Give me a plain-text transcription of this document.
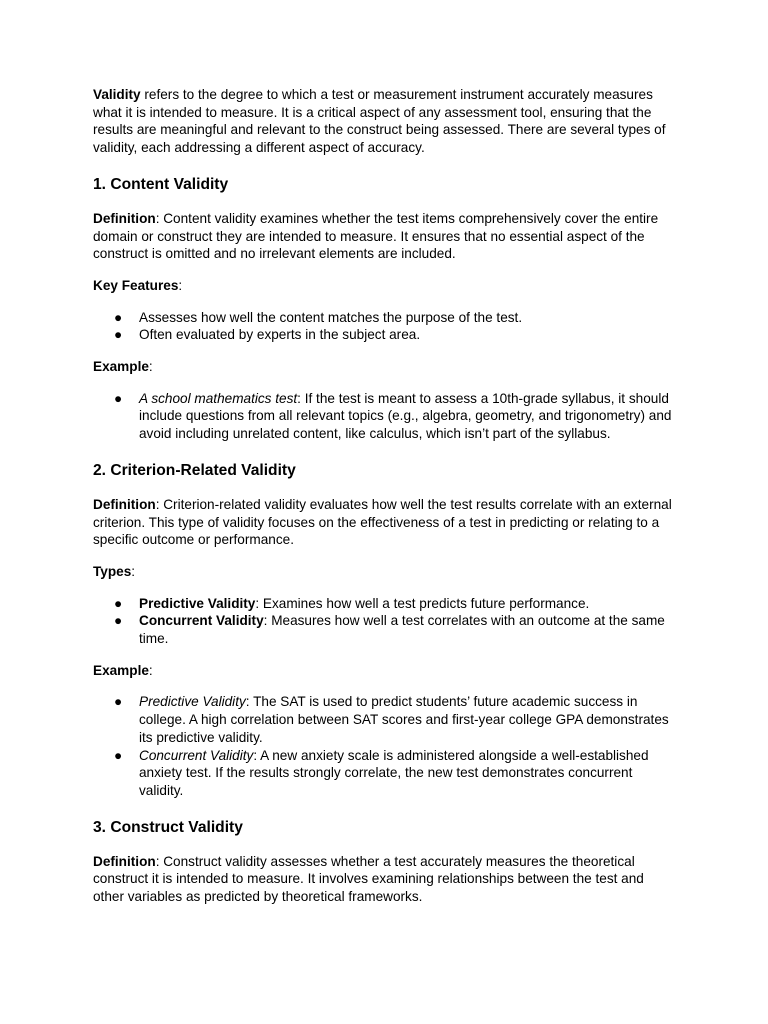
Validity refers to the degree to which a test or measurement instrument accurately measures what it is intended to measure. It is a critical aspect of any assessment tool, ensuring that the results are meaningful and relevant to the construct being assessed. There are several types of validity, each addressing a different aspect of accuracy.

1. Content Validity

Definition: Content validity examines whether the test items comprehensively cover the entire domain or construct they are intended to measure. It ensures that no essential aspect of the construct is omitted and no irrelevant elements are included.

Key Features:

● Assesses how well the content matches the purpose of the test.
● Often evaluated by experts in the subject area.

Example:

● A school mathematics test: If the test is meant to assess a 10th-grade syllabus, it should include questions from all relevant topics (e.g., algebra, geometry, and trigonometry) and avoid including unrelated content, like calculus, which isn’t part of the syllabus.
2. Criterion-Related Validity

Definition: Criterion-related validity evaluates how well the test results correlate with an external criterion. This type of validity focuses on the effectiveness of a test in predicting or relating to a specific outcome or performance.

Types:

● Predictive Validity: Examines how well a test predicts future performance.
● Concurrent Validity: Measures how well a test correlates with an outcome at the same time.

Example:

● Predictive Validity: The SAT is used to predict students’ future academic success in college. A high correlation between SAT scores and first-year college GPA demonstrates its predictive validity.
● Concurrent Validity: A new anxiety scale is administered alongside a well-established anxiety test. If the results strongly correlate, the new test demonstrates concurrent validity.
3. Construct Validity

Definition: Construct validity assesses whether a test accurately measures the theoretical construct it is intended to measure. It involves examining relationships between the test and other variables as predicted by theoretical frameworks.
